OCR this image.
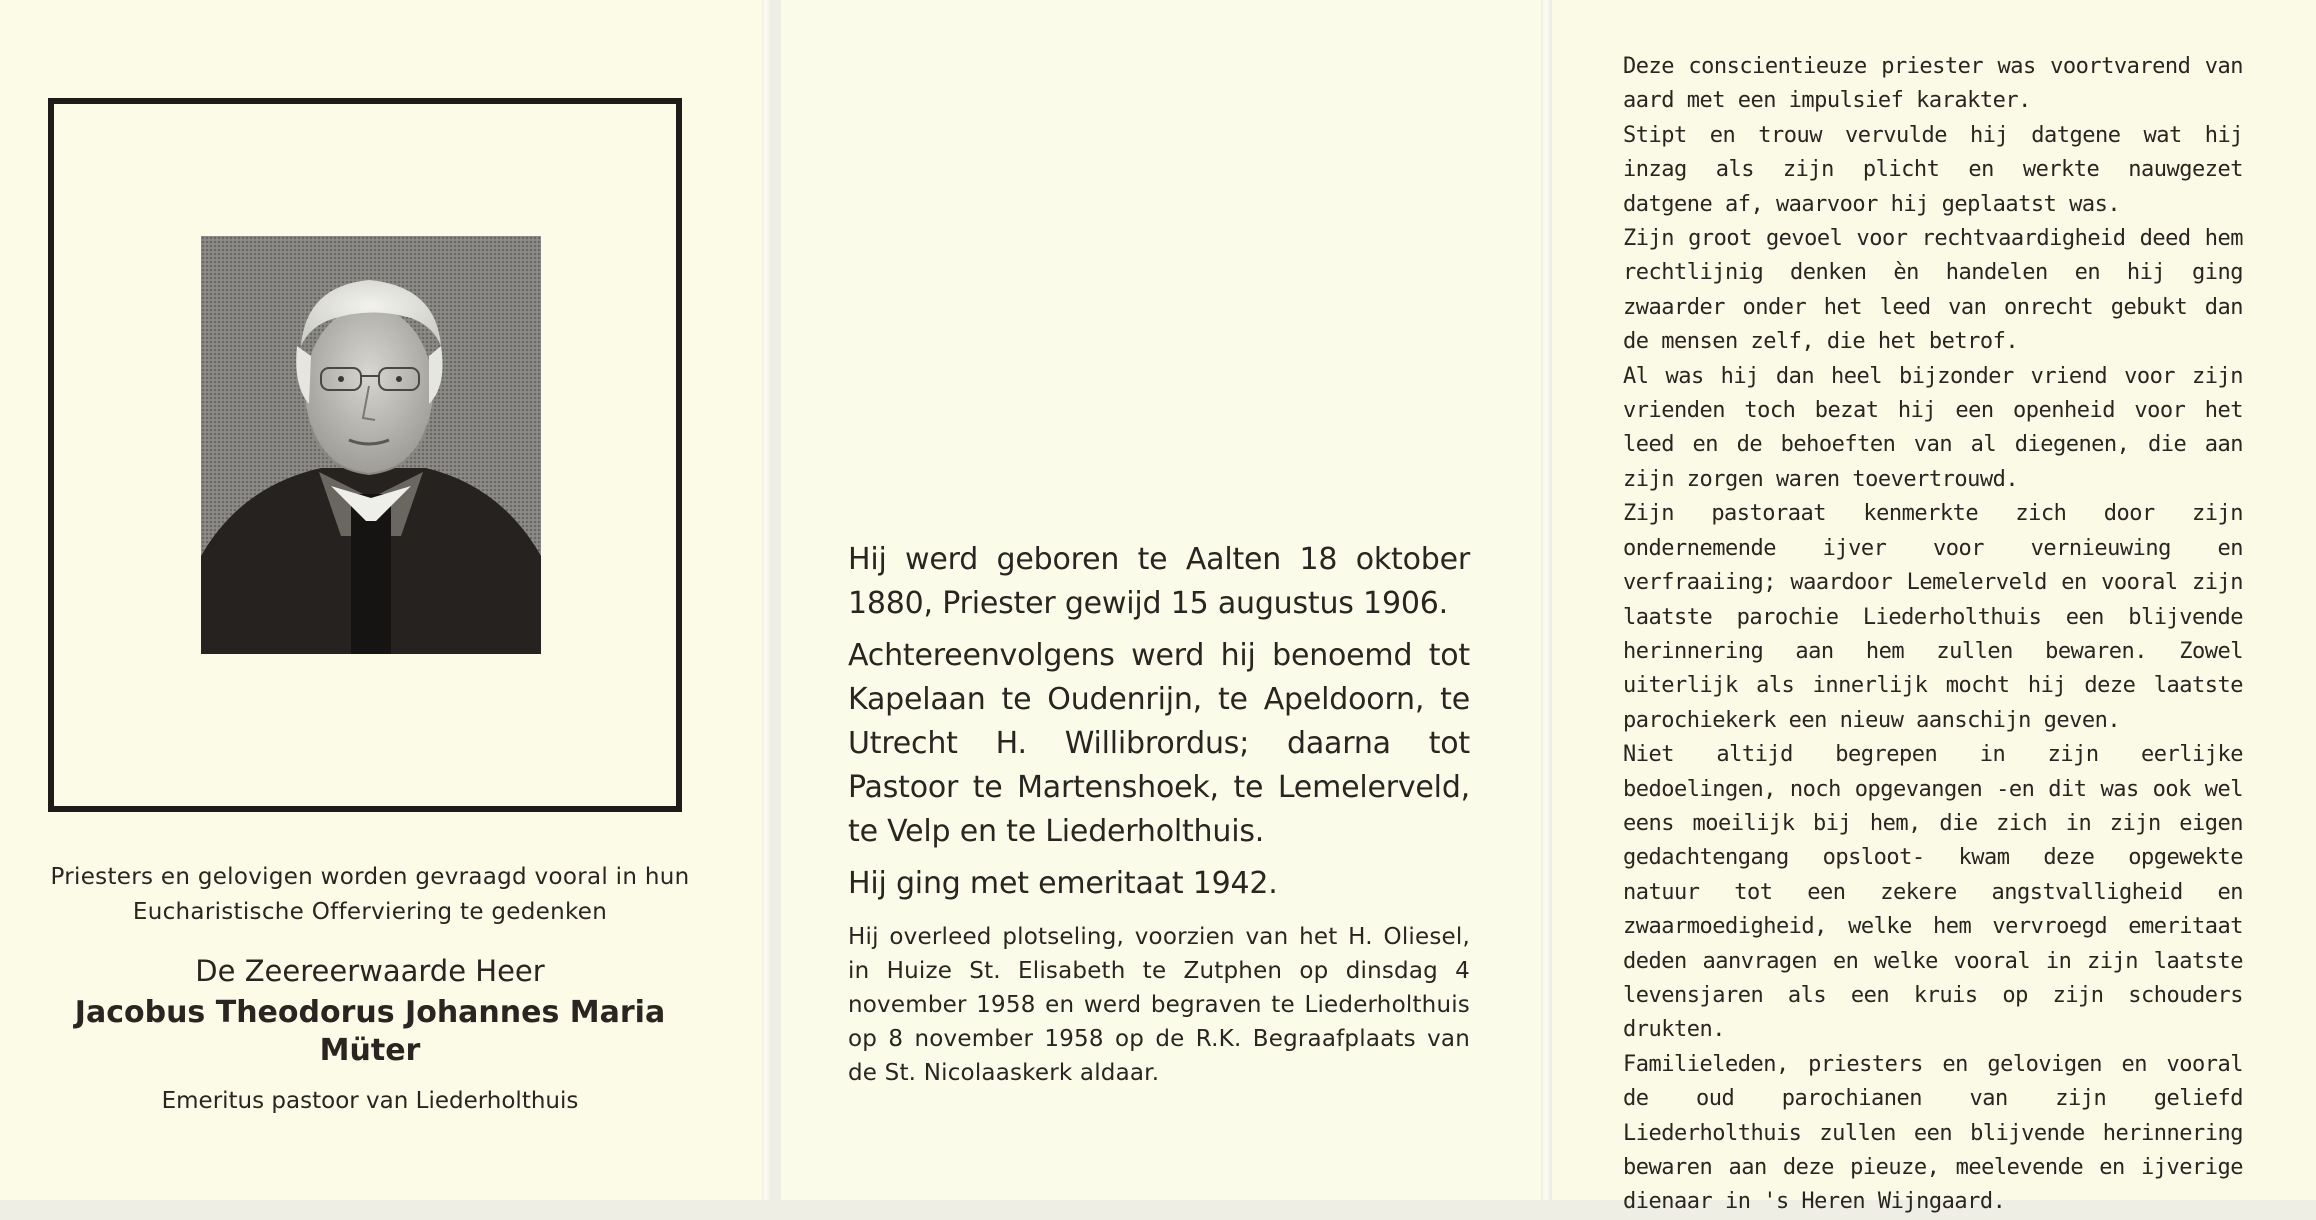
Priesters en gelovigen worden gevraagd vooral in hun Eucharistische Offerviering te gedenken
De Zeereerwaarde Heer
Jacobus Theodorus Johannes Maria Müter
Emeritus pastoor van Liederholthuis

Hij werd geboren te Aalten 18 oktober 1880, Priester gewijd 15 augustus 1906.

Achtereenvolgens werd hij benoemd tot Kapelaan te Oudenrijn, te Apeldoorn, te Utrecht H. Willibrordus; daarna tot Pastoor te Martenshoek, te Lemelerveld, te Velp en te Liederholthuis.

Hij ging met emeritaat 1942.

Hij overleed plotseling, voorzien van het H. Oliesel, in Huize St. Elisabeth te Zutphen op dinsdag 4 november 1958 en werd begraven te Liederholthuis op 8 november 1958 op de R.K. Begraafplaats van de St. Nicolaaskerk aldaar.

Deze conscientieuze priester was voortvarend van aard met een impulsief karakter.

Stipt en trouw vervulde hij datgene wat hij inzag als zijn plicht en werkte nauwgezet datgene af, waarvoor hij geplaatst was.

Zijn groot gevoel voor rechtvaardigheid deed hem rechtlijnig denken èn handelen en hij ging zwaarder onder het leed van onrecht gebukt dan de mensen zelf, die het betrof.

Al was hij dan heel bijzonder vriend voor zijn vrienden toch bezat hij een openheid voor het leed en de behoeften van al diegenen, die aan zijn zorgen waren toevertrouwd.

Zijn pastoraat kenmerkte zich door zijn ondernemende ijver voor vernieuwing en verfraaiing; waardoor Lemelerveld en vooral zijn laatste parochie Liederholthuis een blijvende herinnering aan hem zullen bewaren. Zowel uiterlijk als innerlijk mocht hij deze laatste parochiekerk een nieuw aanschijn geven.

Niet altijd begrepen in zijn eerlijke bedoelingen, noch opgevangen -en dit was ook wel eens moeilijk bij hem, die zich in zijn eigen gedachtengang opsloot- kwam deze opgewekte natuur tot een zekere angstvalligheid en zwaarmoedigheid, welke hem vervroegd emeritaat deden aanvragen en welke vooral in zijn laatste levensjaren als een kruis op zijn schouders drukten.

Familieleden, priesters en gelovigen en vooral de oud parochianen van zijn geliefd Liederholthuis zullen een blijvende herinnering bewaren aan deze pieuze, meelevende en ijverige dienaar in 's Heren Wijngaard.
